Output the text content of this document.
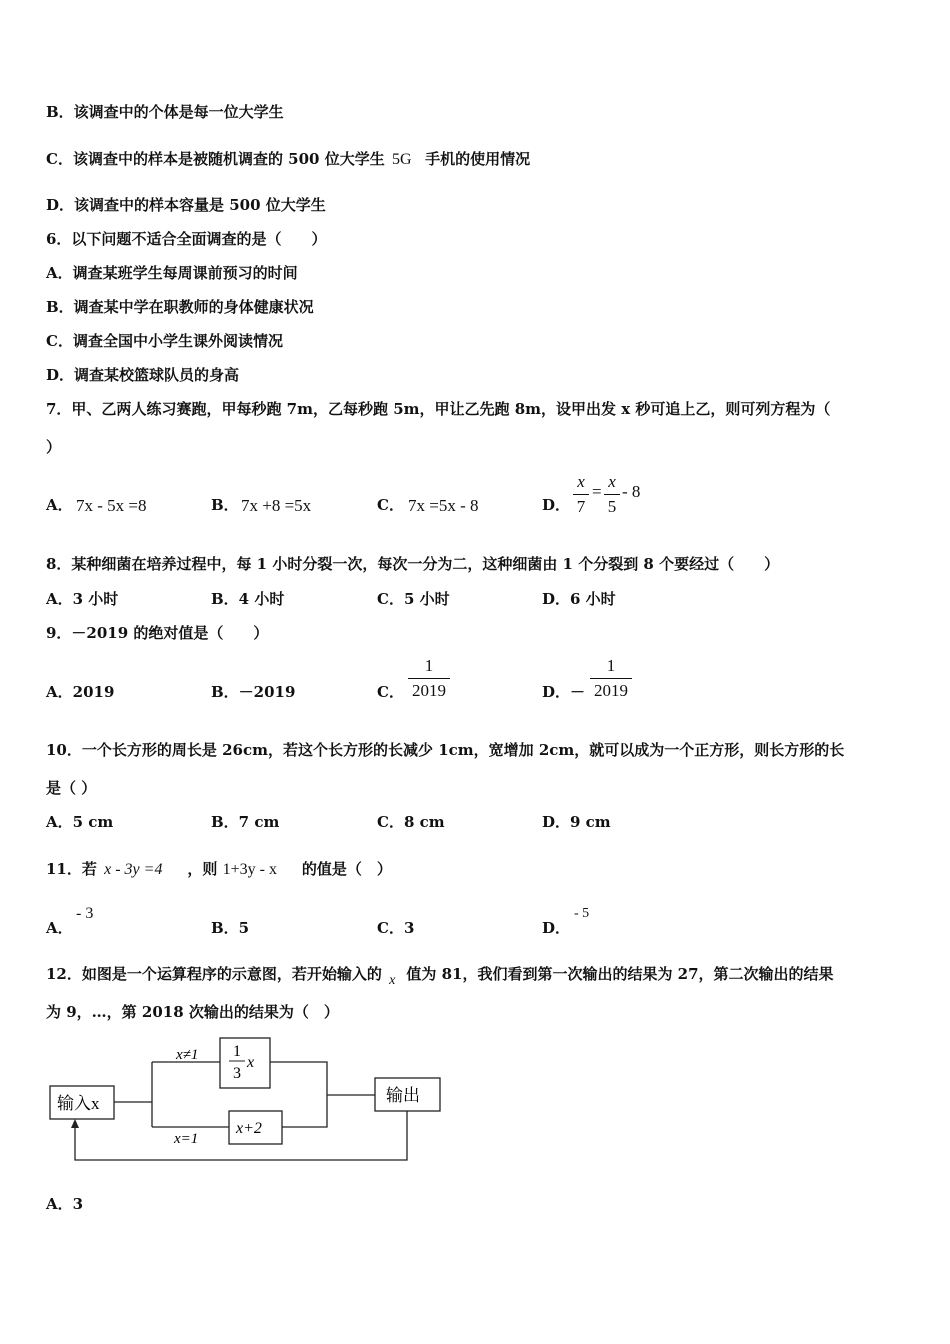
B．该调查中的个体是每一位大学生
C．该调查中的样本是被随机调查的 500 位大学生 5G 手机的使用情况
D．该调查中的样本容量是 500 位大学生
6．以下问题不适合全面调查的是（　　）
A．调查某班学生每周课前预习的时间
B．调查某中学在职教师的身体健康状况
C．调查全国中小学生课外阅读情况
D．调查某校篮球队员的身高
7．甲、乙两人练习赛跑，甲每秒跑 7m，乙每秒跑 5m，甲让乙先跑 8m，设甲出发 x 秒可追上乙，则可列方程为（
）
A． 7x - 5x =8	B． 7x +8 =5x	C． 7x =5x - 8	D．
x
7
=
x
5
- 8
8．某种细菌在培养过程中，每 1 小时分裂一次，每次一分为二，这种细菌由 1 个分裂到 8 个要经过（　　）
A．3 小时	B．4 小时	C．5 小时	D．6 小时
9．－2019 的绝对值是（　　）
A．2019	B．－2019	C．
1
2019	D．－
1
2019
10．一个长方形的周长是 26cm，若这个长方形的长减少 1cm，宽增加 2cm，就可以成为一个正方形，则长方形的长
是（ ）
A．5 cm	B．7 cm	C．8 cm	D．9 cm
11．若 x - 3y =4 ，则 1+3y - x 的值是（　）
A．
- 3
B．5	C．3	D．
- 5
12．如图是一个运算程序的示意图，若开始输入的 x 值为 81，我们看到第一次输出的结果为 27，第二次输出的结果
为 9，…，第 2018 次输出的结果为（　）
输入x	输出
x≠1
x=1
1
3
x
x+2
A．3
